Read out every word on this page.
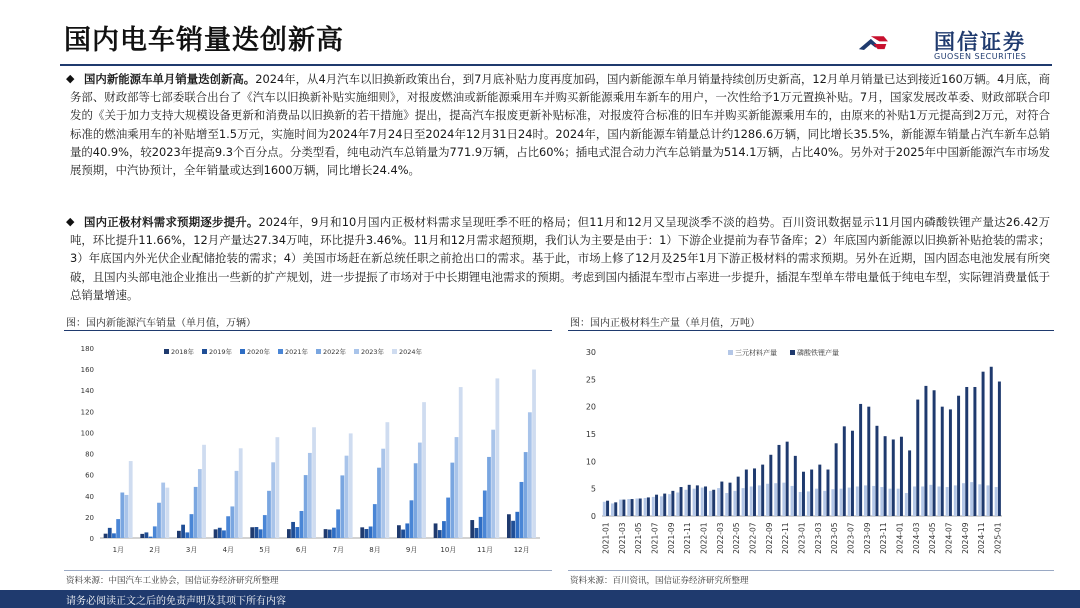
国内电车销量迭创新高	国信证券
GUOSEN SECURITIES
◆ 国内新能源车单月销量迭创新高。2024年，从4月汽车以旧换新政策出台，到7月底补贴力度再度加码，国内新能源车单月销量持续创历史新高，12月单月销量已达到接近160万辆。4月底，商务部、财政部等七部委联合出台了《汽车以旧换新补贴实施细则》，对报废燃油或新能源乘用车并购买新能源乘用车新车的用户，一次性给予1万元置换补贴。7月，国家发展改革委、财政部联合印发的《关于加力支持大规模设备更新和消费品以旧换新的若干措施》提出，提高汽车报废更新补贴标准，对报废符合标准的旧车并购买新能源乘用车的，由原来的补贴1万元提高到2万元，对符合标准的燃油乘用车的补贴增至1.5万元，实施时间为2024年7月24日至2024年12月31日24时。2024年，国内新能源车销量总计约1286.6万辆，同比增长35.5%，新能源车销量占汽车新车总销量的40.9%，较2023年提高9.3个百分点。分类型看，纯电动汽车总销量为771.9万辆，占比60%；插电式混合动力汽车总销量为514.1万辆，占比40%。另外对于2025年中国新能源汽车市场发展预期，中汽协预计，全年销量或达到1600万辆，同比增长24.4%。
◆ 国内正极材料需求预期逐步提升。2024年，9月和10月国内正极材料需求呈现旺季不旺的格局；但11月和12月又呈现淡季不淡的趋势。百川资讯数据显示11月国内磷酸铁锂产量达26.42万吨，环比提升11.66%，12月产量达27.34万吨，环比提升3.46%。11月和12月需求超预期，我们认为主要是由于：1）下游企业提前为春节备库；2）年底国内新能源以旧换新补贴抢装的需求；3）年底国内外光伏企业配储抢装的需求；4）美国市场赶在新总统任职之前抢出口的需求。基于此，市场上修了12月及25年1月下游正极材料的需求预期。另外在近期，国内固态电池发展有所突破，且国内头部电池企业推出一些新的扩产规划，进一步提振了市场对于中长期锂电池需求的预期。考虑到国内插混车型市占率进一步提升，插混车型单车带电量低于纯电车型，实际锂消费量低于总销量增速。
图：国内新能源汽车销量（单月值，万辆）	图：国内正极材料生产量（单月值，万吨）
0
20
40
60
80
100
120
140
160
180
1月	2月	3月	4月	5月	6月	7月	8月	9月	10月	11月	12月
2018年 2019年 2020年 2021年 2022年 2023年 2024年
0
5
10
15
20
25
30
2021-01 2021-03 2021-05 2021-07 2021-09 2021-11 2022-01 2022-03 2022-05 2022-07 2022-09 2022-11 2023-01 2023-03 2023-05 2023-07 2023-09 2023-11 2024-01 2024-03 2024-05 2024-07 2024-09 2024-11 2025-01
三元材料产量	磷酸铁锂产量
资料来源：中国汽车工业协会，国信证券经济研究所整理	资料来源：百川资讯，国信证券经济研究所整理
请务必阅读正文之后的免责声明及其项下所有内容
